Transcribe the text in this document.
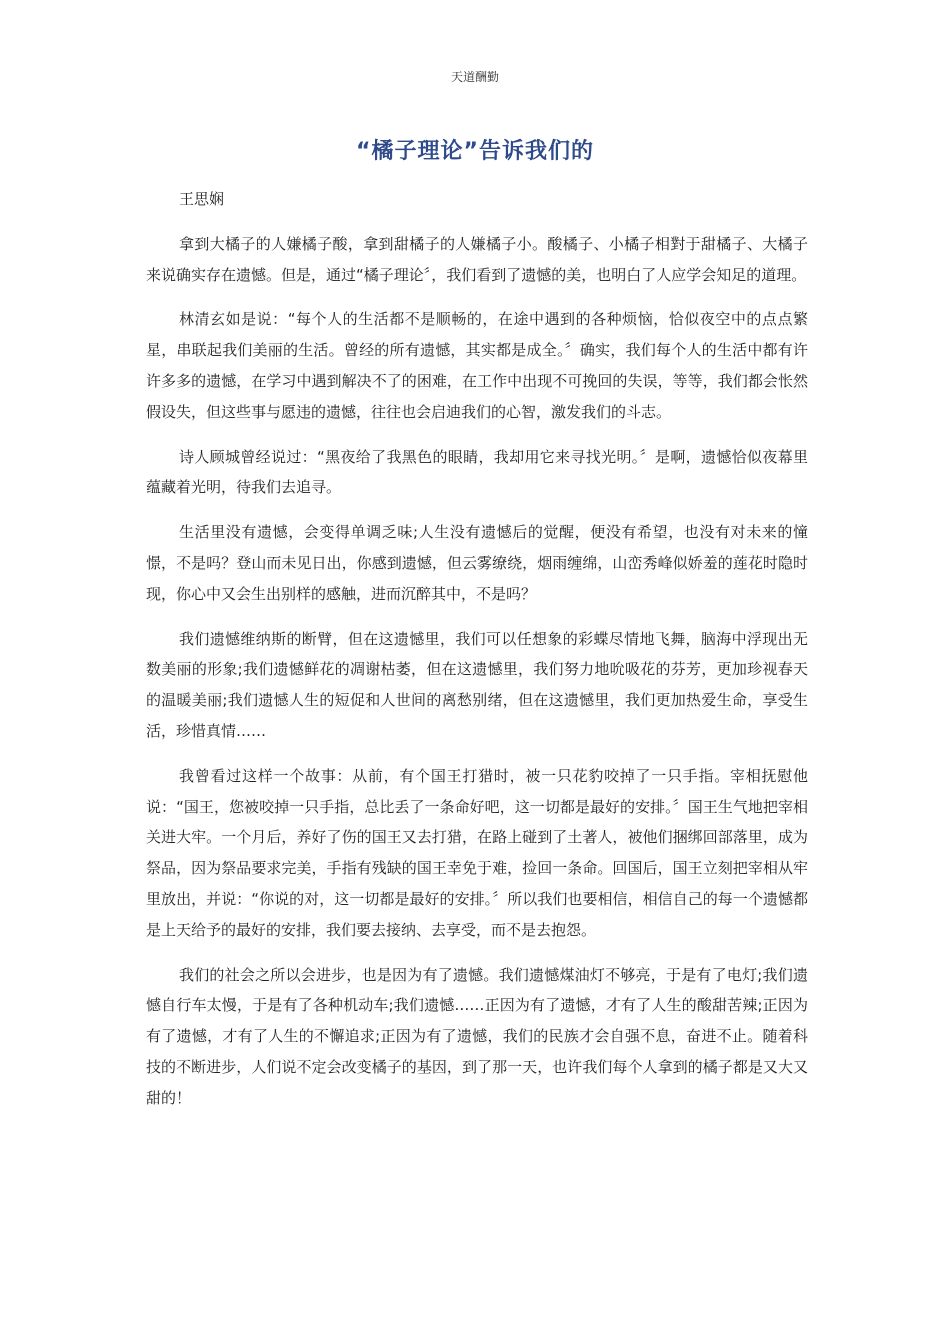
天道酬勤
“橘子理论”告诉我们的

王思娴

拿到大橘子的人嫌橘子酸，拿到甜橘子的人嫌橘子小。酸橘子、小橘子相對于甜橘子、大橘子来说确实存在遗憾。但是，通过“橘子理论〞，我们看到了遗憾的美，也明白了人应学会知足的道理。

林清玄如是说：“每个人的生活都不是顺畅的，在途中遇到的各种烦恼，恰似夜空中的点点繁星，串联起我们美丽的生活。曾经的所有遗憾，其实都是成全。〞确实，我们每个人的生活中都有许许多多的遗憾，在学习中遇到解决不了的困难，在工作中出现不可挽回的失误，等等，我们都会怅然假设失，但这些事与愿违的遗憾，往往也会启迪我们的心智，激发我们的斗志。

诗人顾城曾经说过：“黑夜给了我黑色的眼睛，我却用它来寻找光明。〞是啊，遗憾恰似夜幕里蕴藏着光明，待我们去追寻。

生活里没有遗憾，会变得单调乏味;人生没有遗憾后的觉醒，便没有希望，也没有对未来的憧憬，不是吗？登山而未见日出，你感到遗憾，但云雾缭绕，烟雨缠绵，山峦秀峰似娇羞的莲花时隐时现，你心中又会生出别样的感触，进而沉醉其中，不是吗？

我们遗憾维纳斯的断臂，但在这遗憾里，我们可以任想象的彩蝶尽情地飞舞，脑海中浮现出无数美丽的形象;我们遗憾鲜花的凋谢枯萎，但在这遗憾里，我们努力地吮吸花的芬芳，更加珍视春天的温暖美丽;我们遗憾人生的短促和人世间的离愁别绪，但在这遗憾里，我们更加热爱生命，享受生活，珍惜真情……

我曾看过这样一个故事：从前，有个国王打猎时，被一只花豹咬掉了一只手指。宰相抚慰他说：“国王，您被咬掉一只手指，总比丢了一条命好吧，这一切都是最好的安排。〞国王生气地把宰相关进大牢。一个月后，养好了伤的国王又去打猎，在路上碰到了土著人，被他们捆绑回部落里，成为祭品，因为祭品要求完美，手指有残缺的国王幸免于难，捡回一条命。回国后，国王立刻把宰相从牢里放出，并说：“你说的对，这一切都是最好的安排。〞所以我们也要相信，相信自己的每一个遗憾都是上天给予的最好的安排，我们要去接纳、去享受，而不是去抱怨。

我们的社会之所以会进步，也是因为有了遗憾。我们遗憾煤油灯不够亮，于是有了电灯;我们遗憾自行车太慢，于是有了各种机动车;我们遗憾……正因为有了遗憾，才有了人生的酸甜苦辣;正因为有了遗憾，才有了人生的不懈追求;正因为有了遗憾，我们的民族才会自强不息，奋进不止。随着科技的不断进步，人们说不定会改变橘子的基因，到了那一天，也许我们每个人拿到的橘子都是又大又甜的！
